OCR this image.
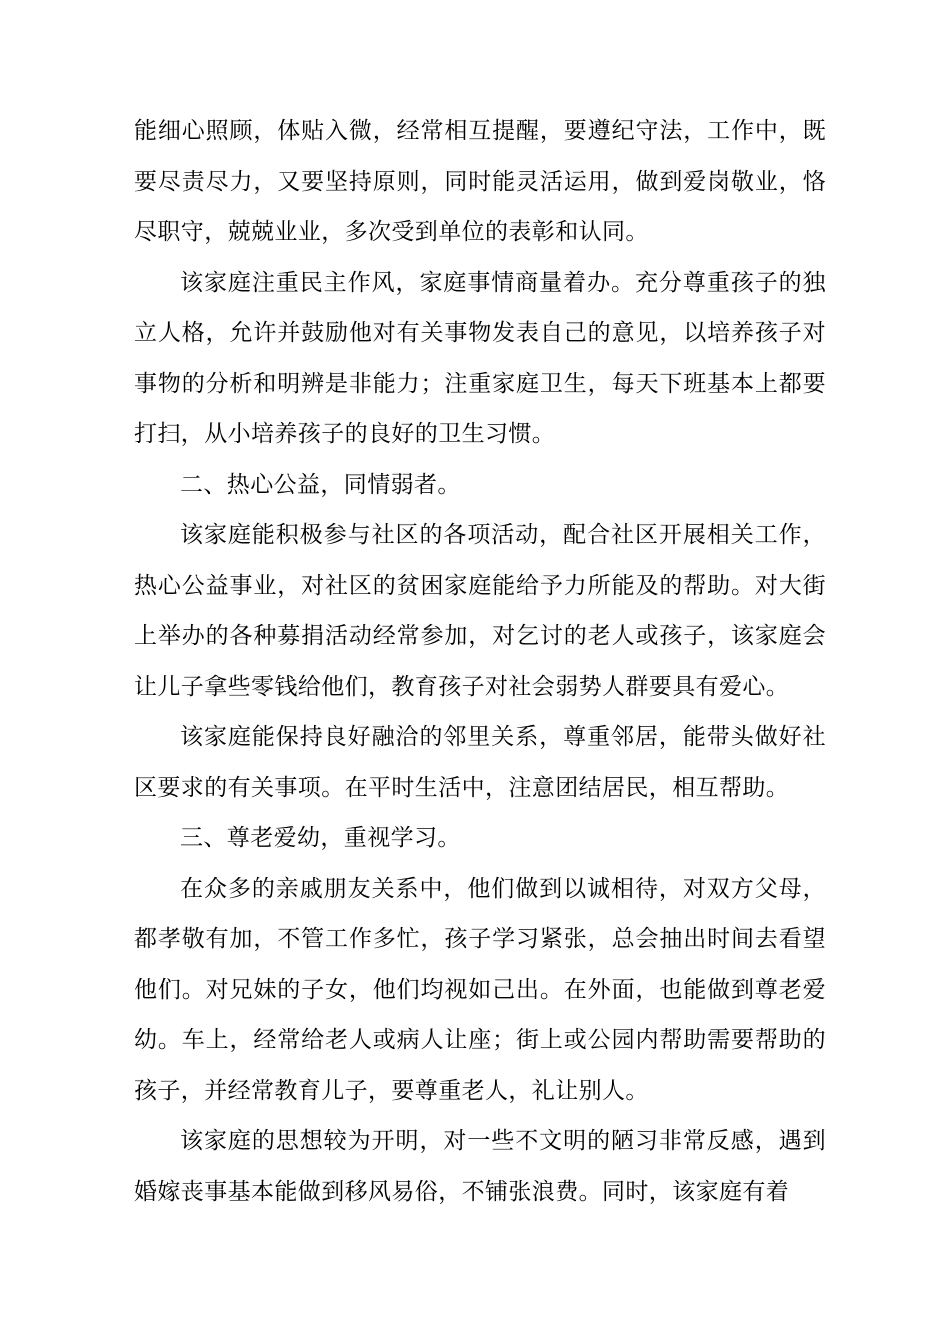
能细心照顾，体贴入微，经常相互提醒，要遵纪守法，工作中，既要尽责尽力，又要坚持原则，同时能灵活运用，做到爱岗敬业，恪尽职守，兢兢业业，多次受到单位的表彰和认同。

该家庭注重民主作风，家庭事情商量着办。充分尊重孩子的独立人格，允许并鼓励他对有关事物发表自己的意见，以培养孩子对事物的分析和明辨是非能力；注重家庭卫生，每天下班基本上都要打扫，从小培养孩子的良好的卫生习惯。

二、热心公益，同情弱者。

该家庭能积极参与社区的各项活动，配合社区开展相关工作，热心公益事业，对社区的贫困家庭能给予力所能及的帮助。对大街上举办的各种募捐活动经常参加，对乞讨的老人或孩子，该家庭会让儿子拿些零钱给他们，教育孩子对社会弱势人群要具有爱心。

该家庭能保持良好融洽的邻里关系，尊重邻居，能带头做好社区要求的有关事项。在平时生活中，注意团结居民，相互帮助。

三、尊老爱幼，重视学习。

在众多的亲戚朋友关系中，他们做到以诚相待，对双方父母，都孝敬有加，不管工作多忙，孩子学习紧张，总会抽出时间去看望他们。对兄妹的子女，他们均视如己出。在外面，也能做到尊老爱幼。车上，经常给老人或病人让座；街上或公园内帮助需要帮助的孩子，并经常教育儿子，要尊重老人，礼让别人。

该家庭的思想较为开明，对一些不文明的陋习非常反感，遇到婚嫁丧事基本能做到移风易俗，不铺张浪费。同时，该家庭有着
